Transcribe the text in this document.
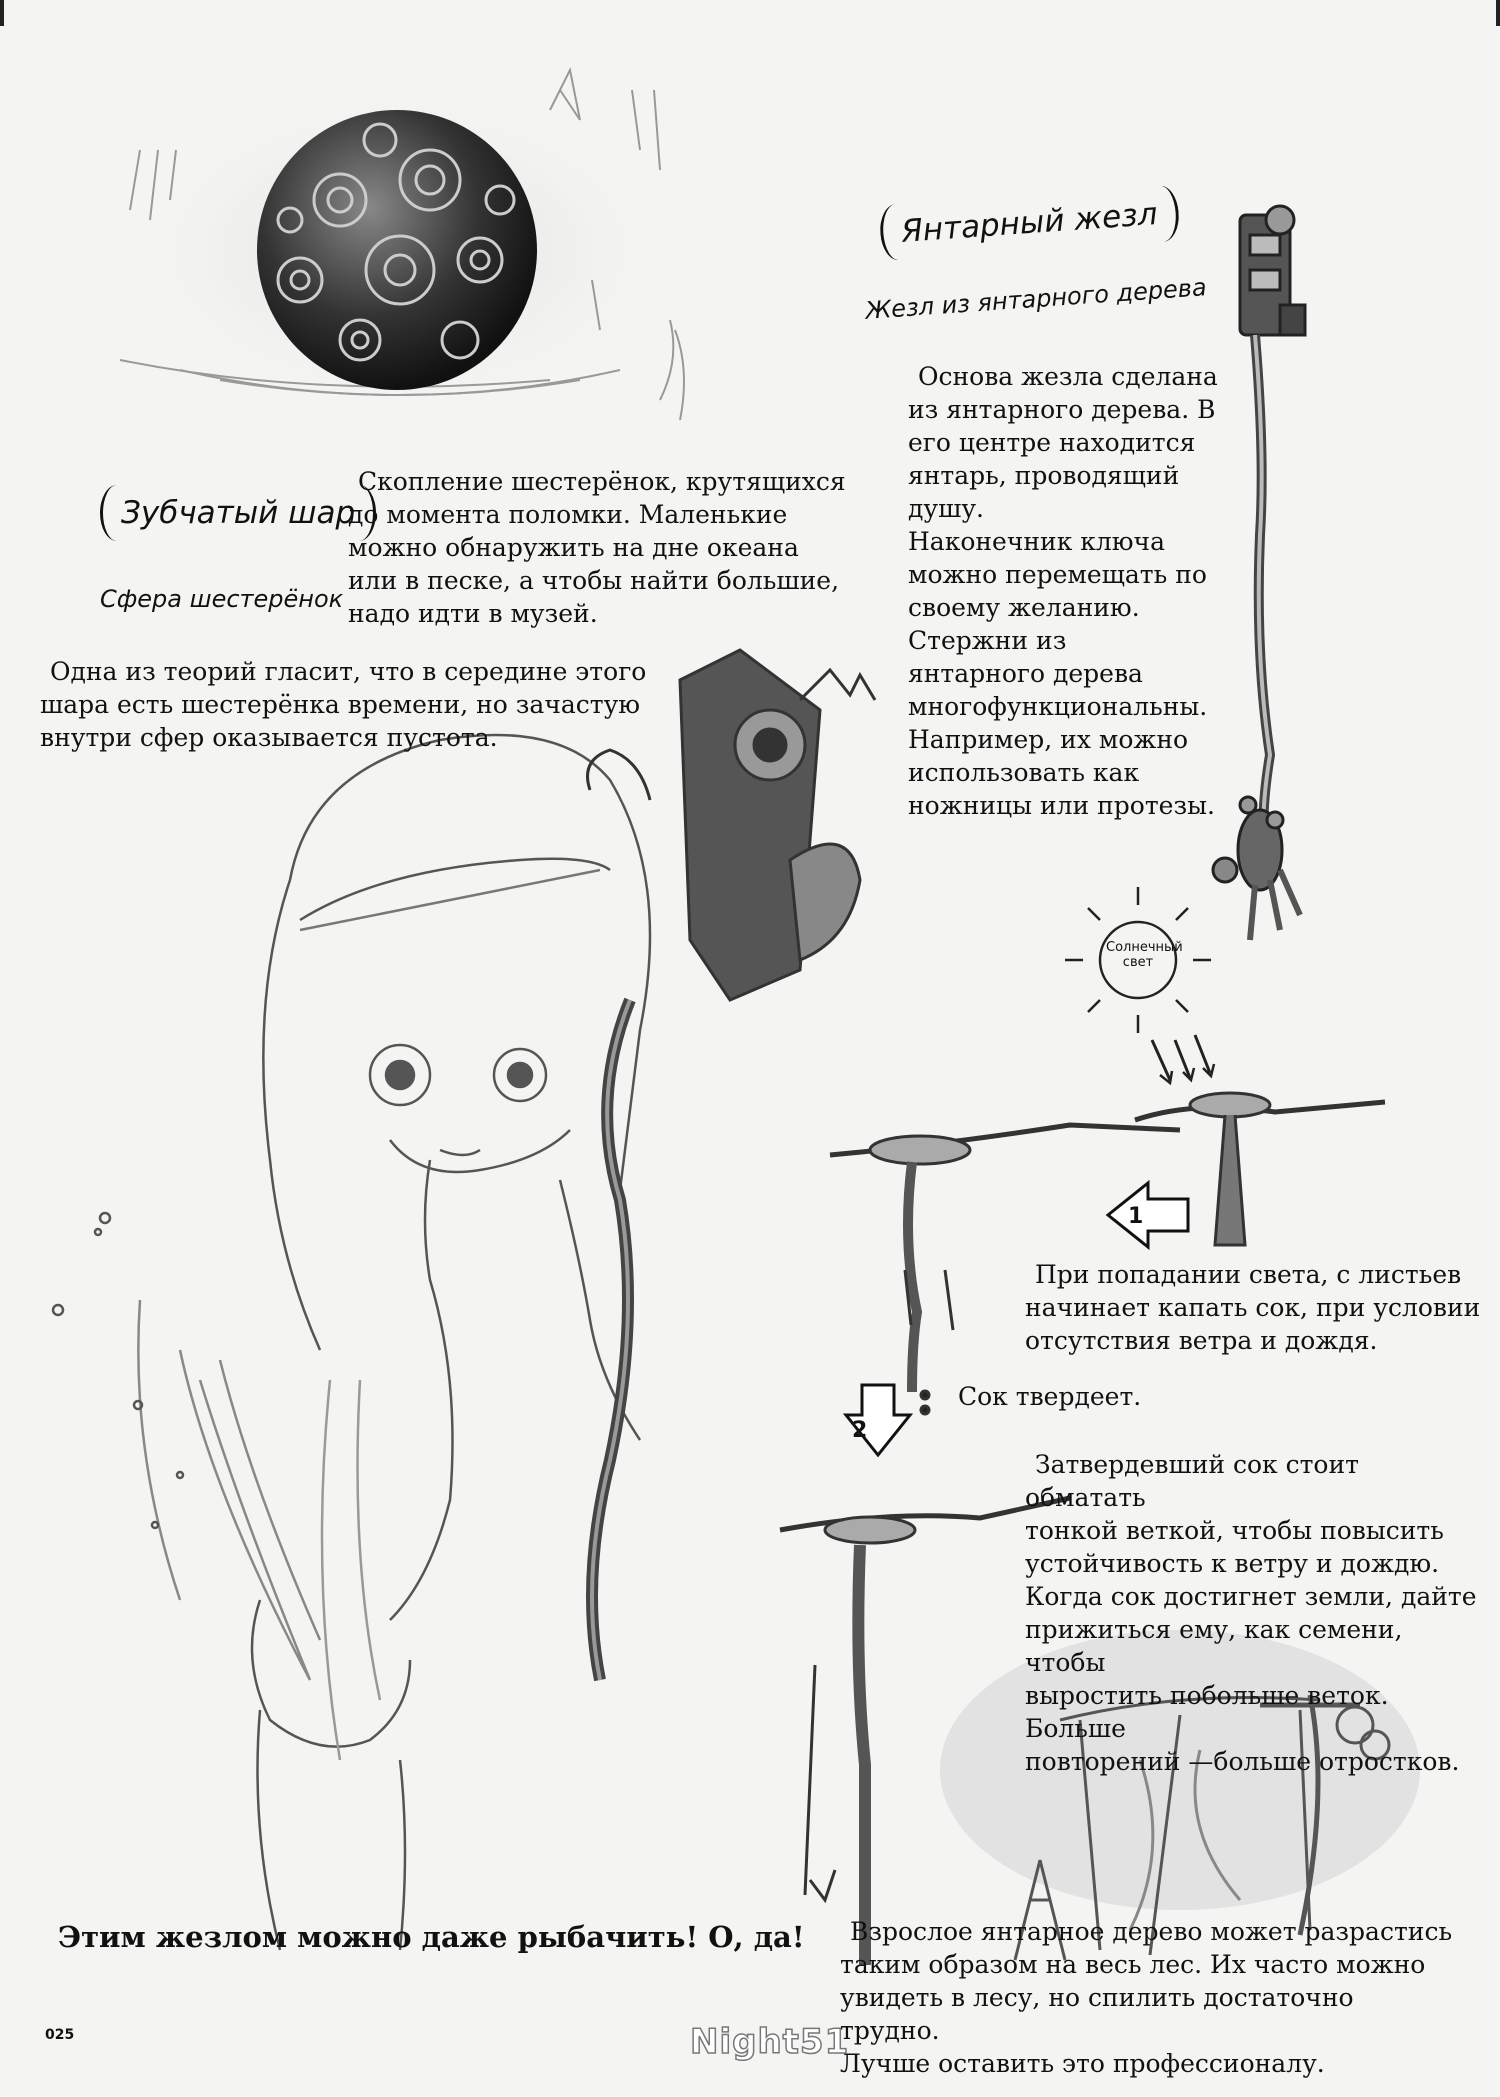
Зубчатый шар
Сфера шестерёнок
Скопление шестерёнок, крутящихся
до момента поломки. Маленькие
можно обнаружить на дне океана
или в песке, а чтобы найти большие,
надо идти в музей.
Одна из теорий гласит, что в середине этого
шара есть шестерёнка времени, но зачастую
внутри сфер оказывается пустота.
Янтарный жезл
Жезл из янтарного дерева
Основа жезла сделана
из янтарного дерева. В
его центре находится
янтарь, проводящий
душу.
Наконечник ключа
можно перемещать по
своему желанию.
Стержни из
янтарного дерева
многофункциональны.
Например, их можно
использовать как
ножницы или протезы.
Солнечный
свет
1
2
При попадании света, с листьев
начинает капать сок, при условии
отсутствия ветра и дождя.
Сок твердеет.
Затвердевший сок стоит обматать
тонкой веткой, чтобы повысить
устойчивость к ветру и дождю.
Когда сок достигнет земли, дайте
прижиться ему, как семени, чтобы
выростить побольше веток. Больше
повторений —больше отростков.
Взрослое янтарное дерево может разрастись
таким образом на весь лес. Их часто можно
увидеть в лесу, но спилить достаточно трудно.
Лучше оставить это профессионалу.
Этим жезлом можно даже рыбачить! О, да!
025	Night51
